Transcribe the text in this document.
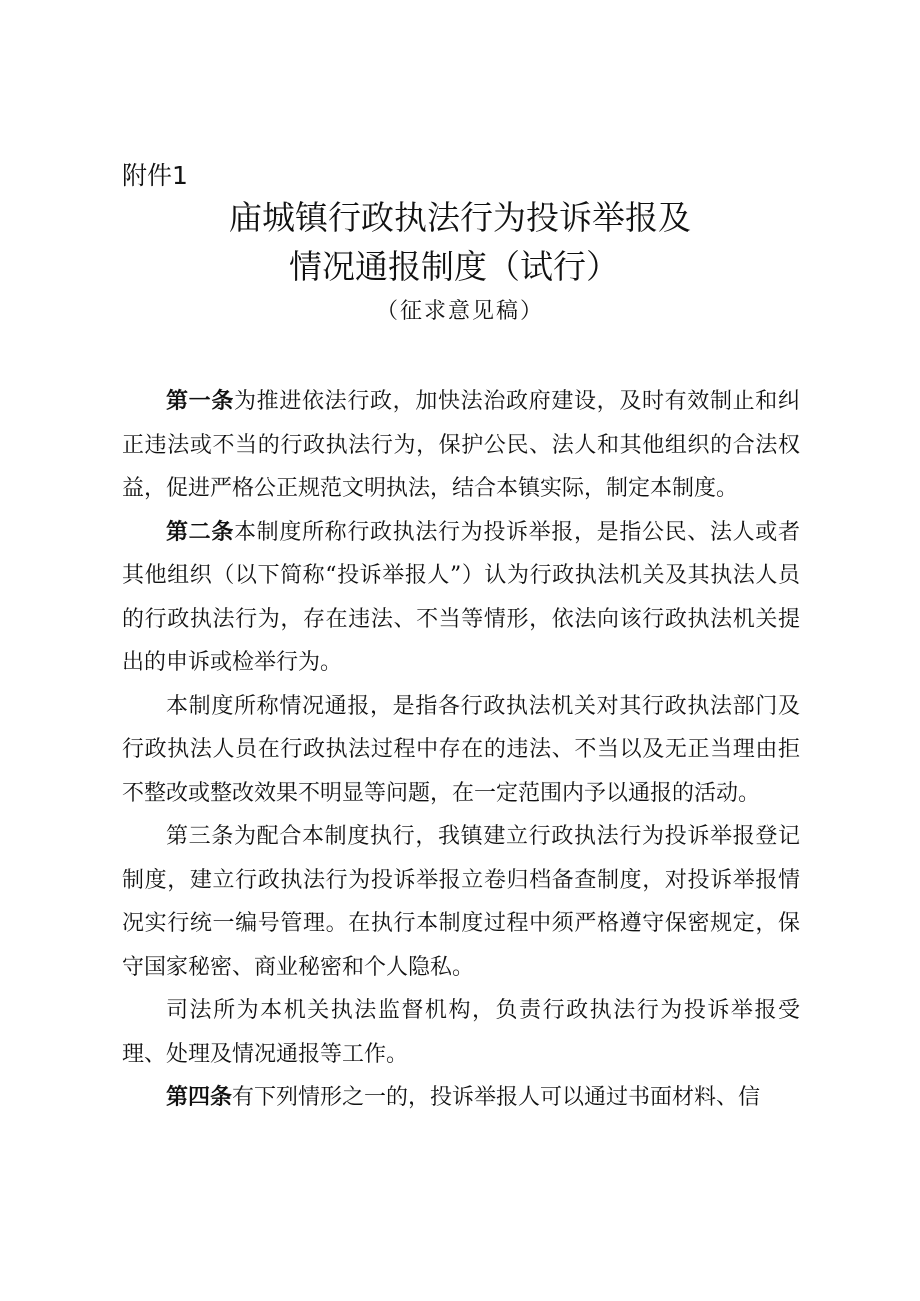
附件1

庙城镇行政执法行为投诉举报及
情况通报制度（试行）

（征求意见稿）

第一条为推进依法行政，加快法治政府建设，及时有效制止和纠正违法或不当的行政执法行为，保护公民、法人和其他组织的合法权益，促进严格公正规范文明执法，结合本镇实际，制定本制度。

第二条本制度所称行政执法行为投诉举报，是指公民、法人或者其他组织（以下简称“投诉举报人”）认为行政执法机关及其执法人员的行政执法行为，存在违法、不当等情形，依法向该行政执法机关提出的申诉或检举行为。

本制度所称情况通报，是指各行政执法机关对其行政执法部门及行政执法人员在行政执法过程中存在的违法、不当以及无正当理由拒不整改或整改效果不明显等问题，在一定范围内予以通报的活动。

第三条为配合本制度执行，我镇建立行政执法行为投诉举报登记制度，建立行政执法行为投诉举报立卷归档备查制度，对投诉举报情况实行统一编号管理。在执行本制度过程中须严格遵守保密规定，保守国家秘密、商业秘密和个人隐私。

司法所为本机关执法监督机构，负责行政执法行为投诉举报受理、处理及情况通报等工作。

第四条有下列情形之一的，投诉举报人可以通过书面材料、信
